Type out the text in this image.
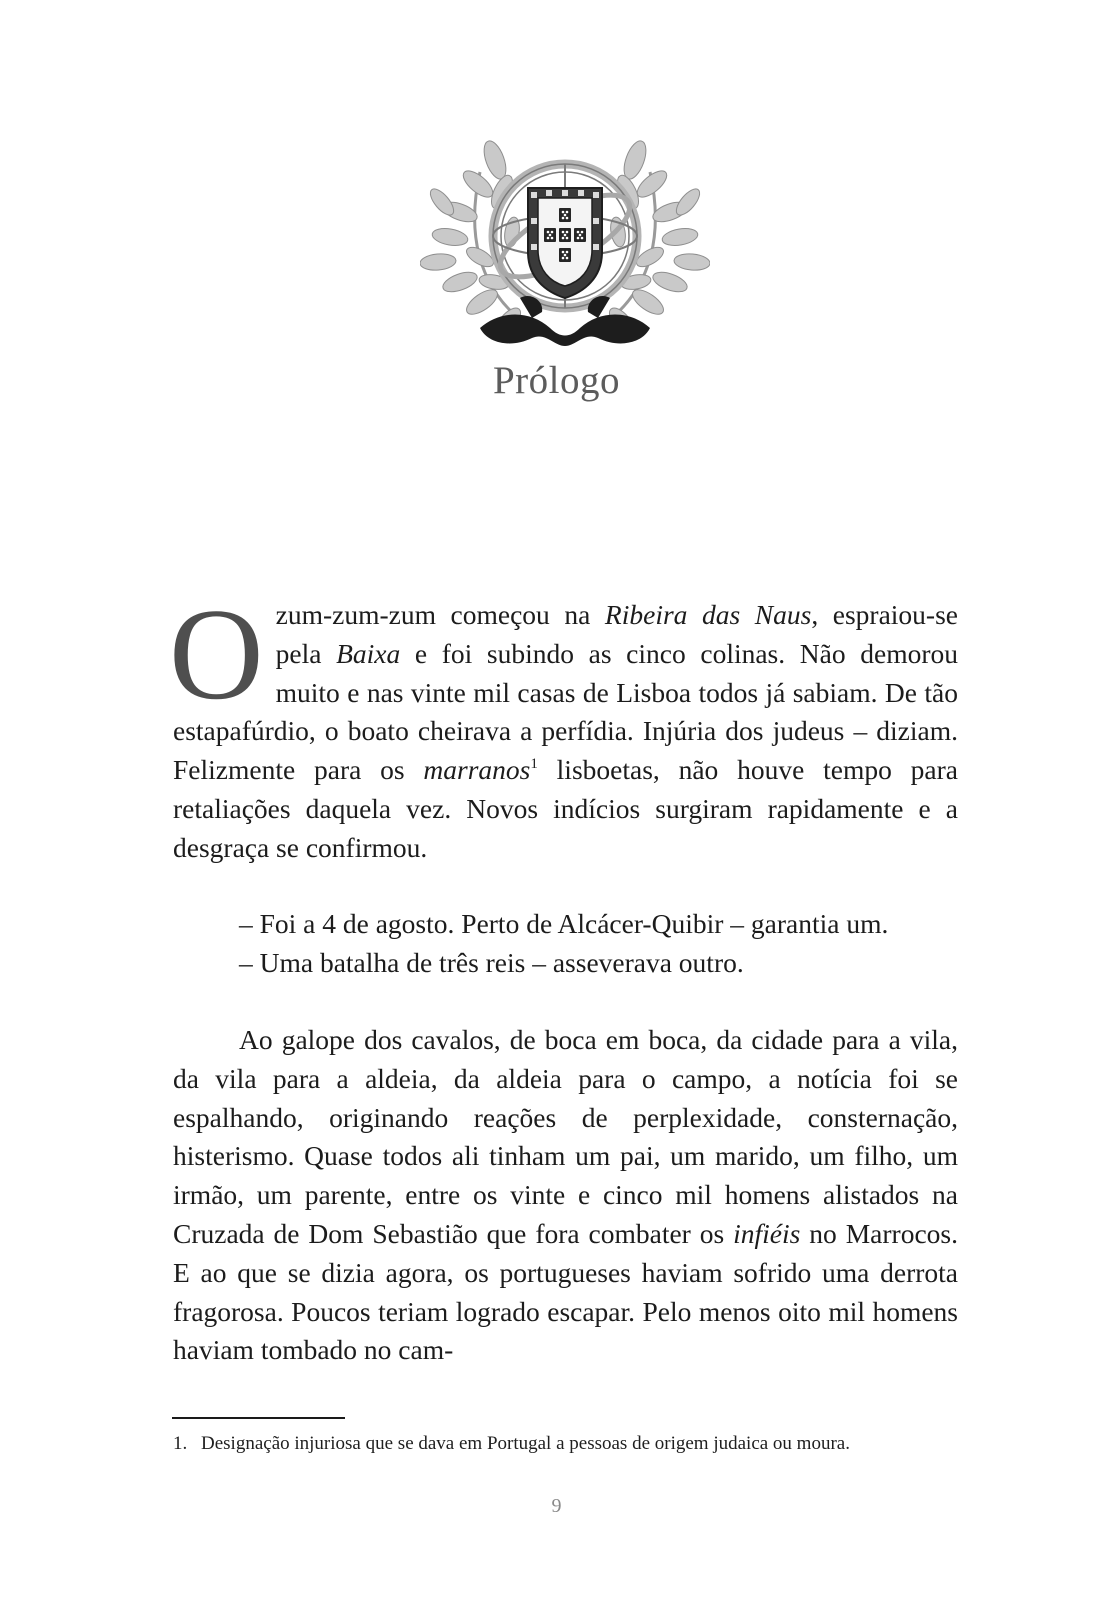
Prólogo
Ozum-zum-zum começou na Ribeira das Naus, espraiou-se pela Baixa e foi subindo as cinco colinas. Não demorou muito e nas vinte mil casas de Lisboa todos já sabiam. De tão estapafúrdio, o boato cheirava a perfídia. Injúria dos judeus – diziam. Felizmente para os marranos$^1$ lisboetas, não houve tempo para retaliações daquela vez. Novos indícios surgiram rapidamente e a desgraça se confirmou.
– Foi a 4 de agosto. Perto de Alcácer-Quibir – garantia um.
– Uma batalha de três reis – asseverava outro.
Ao galope dos cavalos, de boca em boca, da cidade para a vila, da vila para a aldeia, da aldeia para o campo, a notícia foi se espalhando, originando reações de perplexidade, consternação, histerismo. Quase todos ali tinham um pai, um marido, um filho, um irmão, um parente, entre os vinte e cinco mil homens alistados na Cruzada de Dom Sebastião que fora combater os infiéis no Marrocos. E ao que se dizia agora, os portugueses haviam sofrido uma derrota fragorosa. Poucos teriam logrado escapar. Pelo menos oito mil homens haviam tombado no cam-
1. Designação injuriosa que se dava em Portugal a pessoas de origem judaica ou moura.
9
